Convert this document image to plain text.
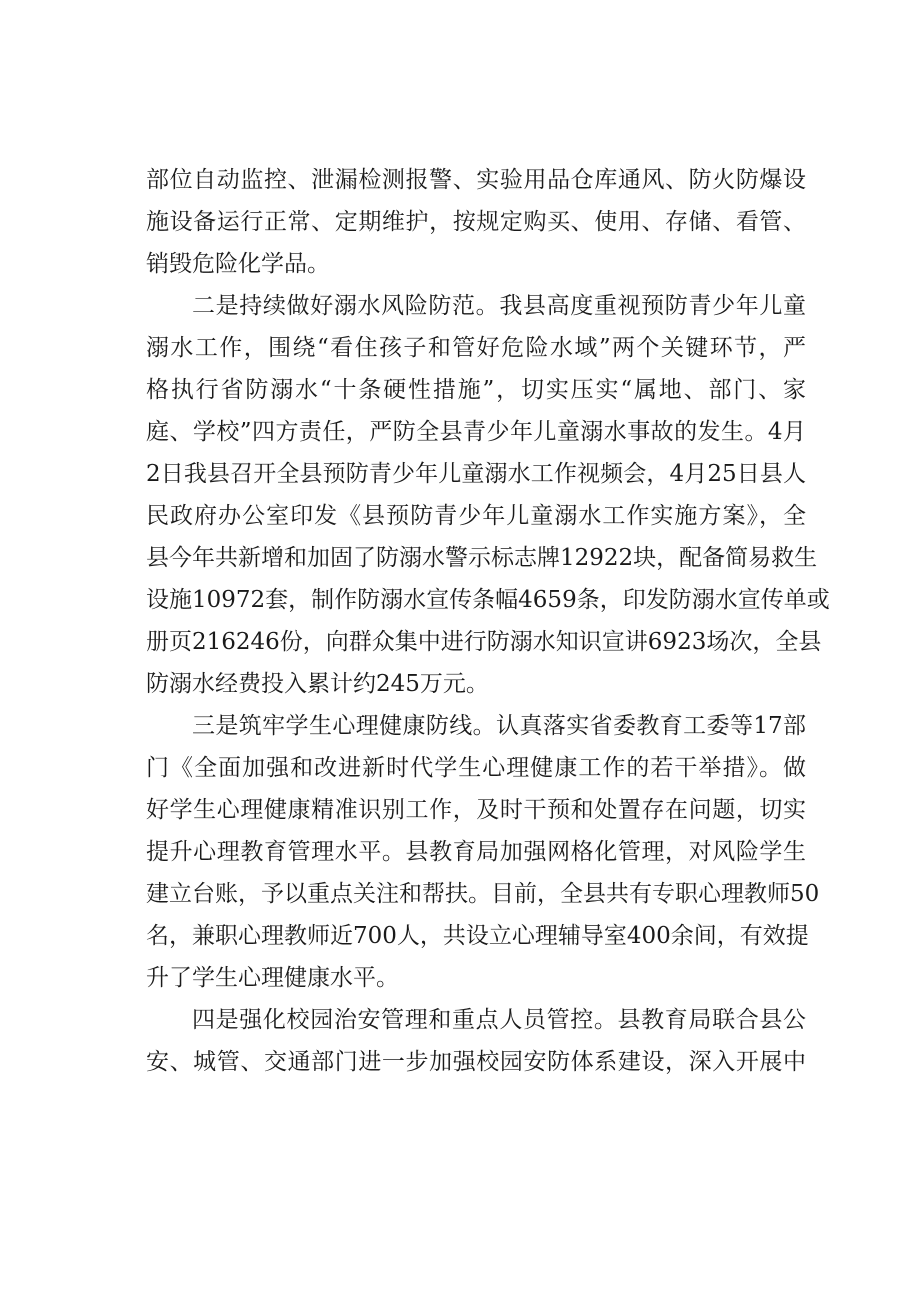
部位自动监控、泄漏检测报警、实验用品仓库通风、防火防爆设
施设备运行正常、定期维护，按规定购买、使用、存储、看管、
销毁危险化学品。
二是持续做好溺水风险防范。我县高度重视预防青少年儿童
溺水工作，围绕“看住孩子和管好危险水域”两个关键环节，严
格执行省防溺水“十条硬性措施”，切实压实“属地、部门、家
庭、学校”四方责任，严防全县青少年儿童溺水事故的发生。4月
2日我县召开全县预防青少年儿童溺水工作视频会，4月25日县人
民政府办公室印发《县预防青少年儿童溺水工作实施方案》，全
县今年共新增和加固了防溺水警示标志牌12922块，配备简易救生
设施10972套，制作防溺水宣传条幅4659条，印发防溺水宣传单或
册页216246份，向群众集中进行防溺水知识宣讲6923场次，全县
防溺水经费投入累计约245万元。
三是筑牢学生心理健康防线。认真落实省委教育工委等17部
门《全面加强和改进新时代学生心理健康工作的若干举措》。做
好学生心理健康精准识别工作，及时干预和处置存在问题，切实
提升心理教育管理水平。县教育局加强网格化管理，对风险学生
建立台账，予以重点关注和帮扶。目前，全县共有专职心理教师50
名，兼职心理教师近700人，共设立心理辅导室400余间，有效提
升了学生心理健康水平。
四是强化校园治安管理和重点人员管控。县教育局联合县公
安、城管、交通部门进一步加强校园安防体系建设，深入开展中
